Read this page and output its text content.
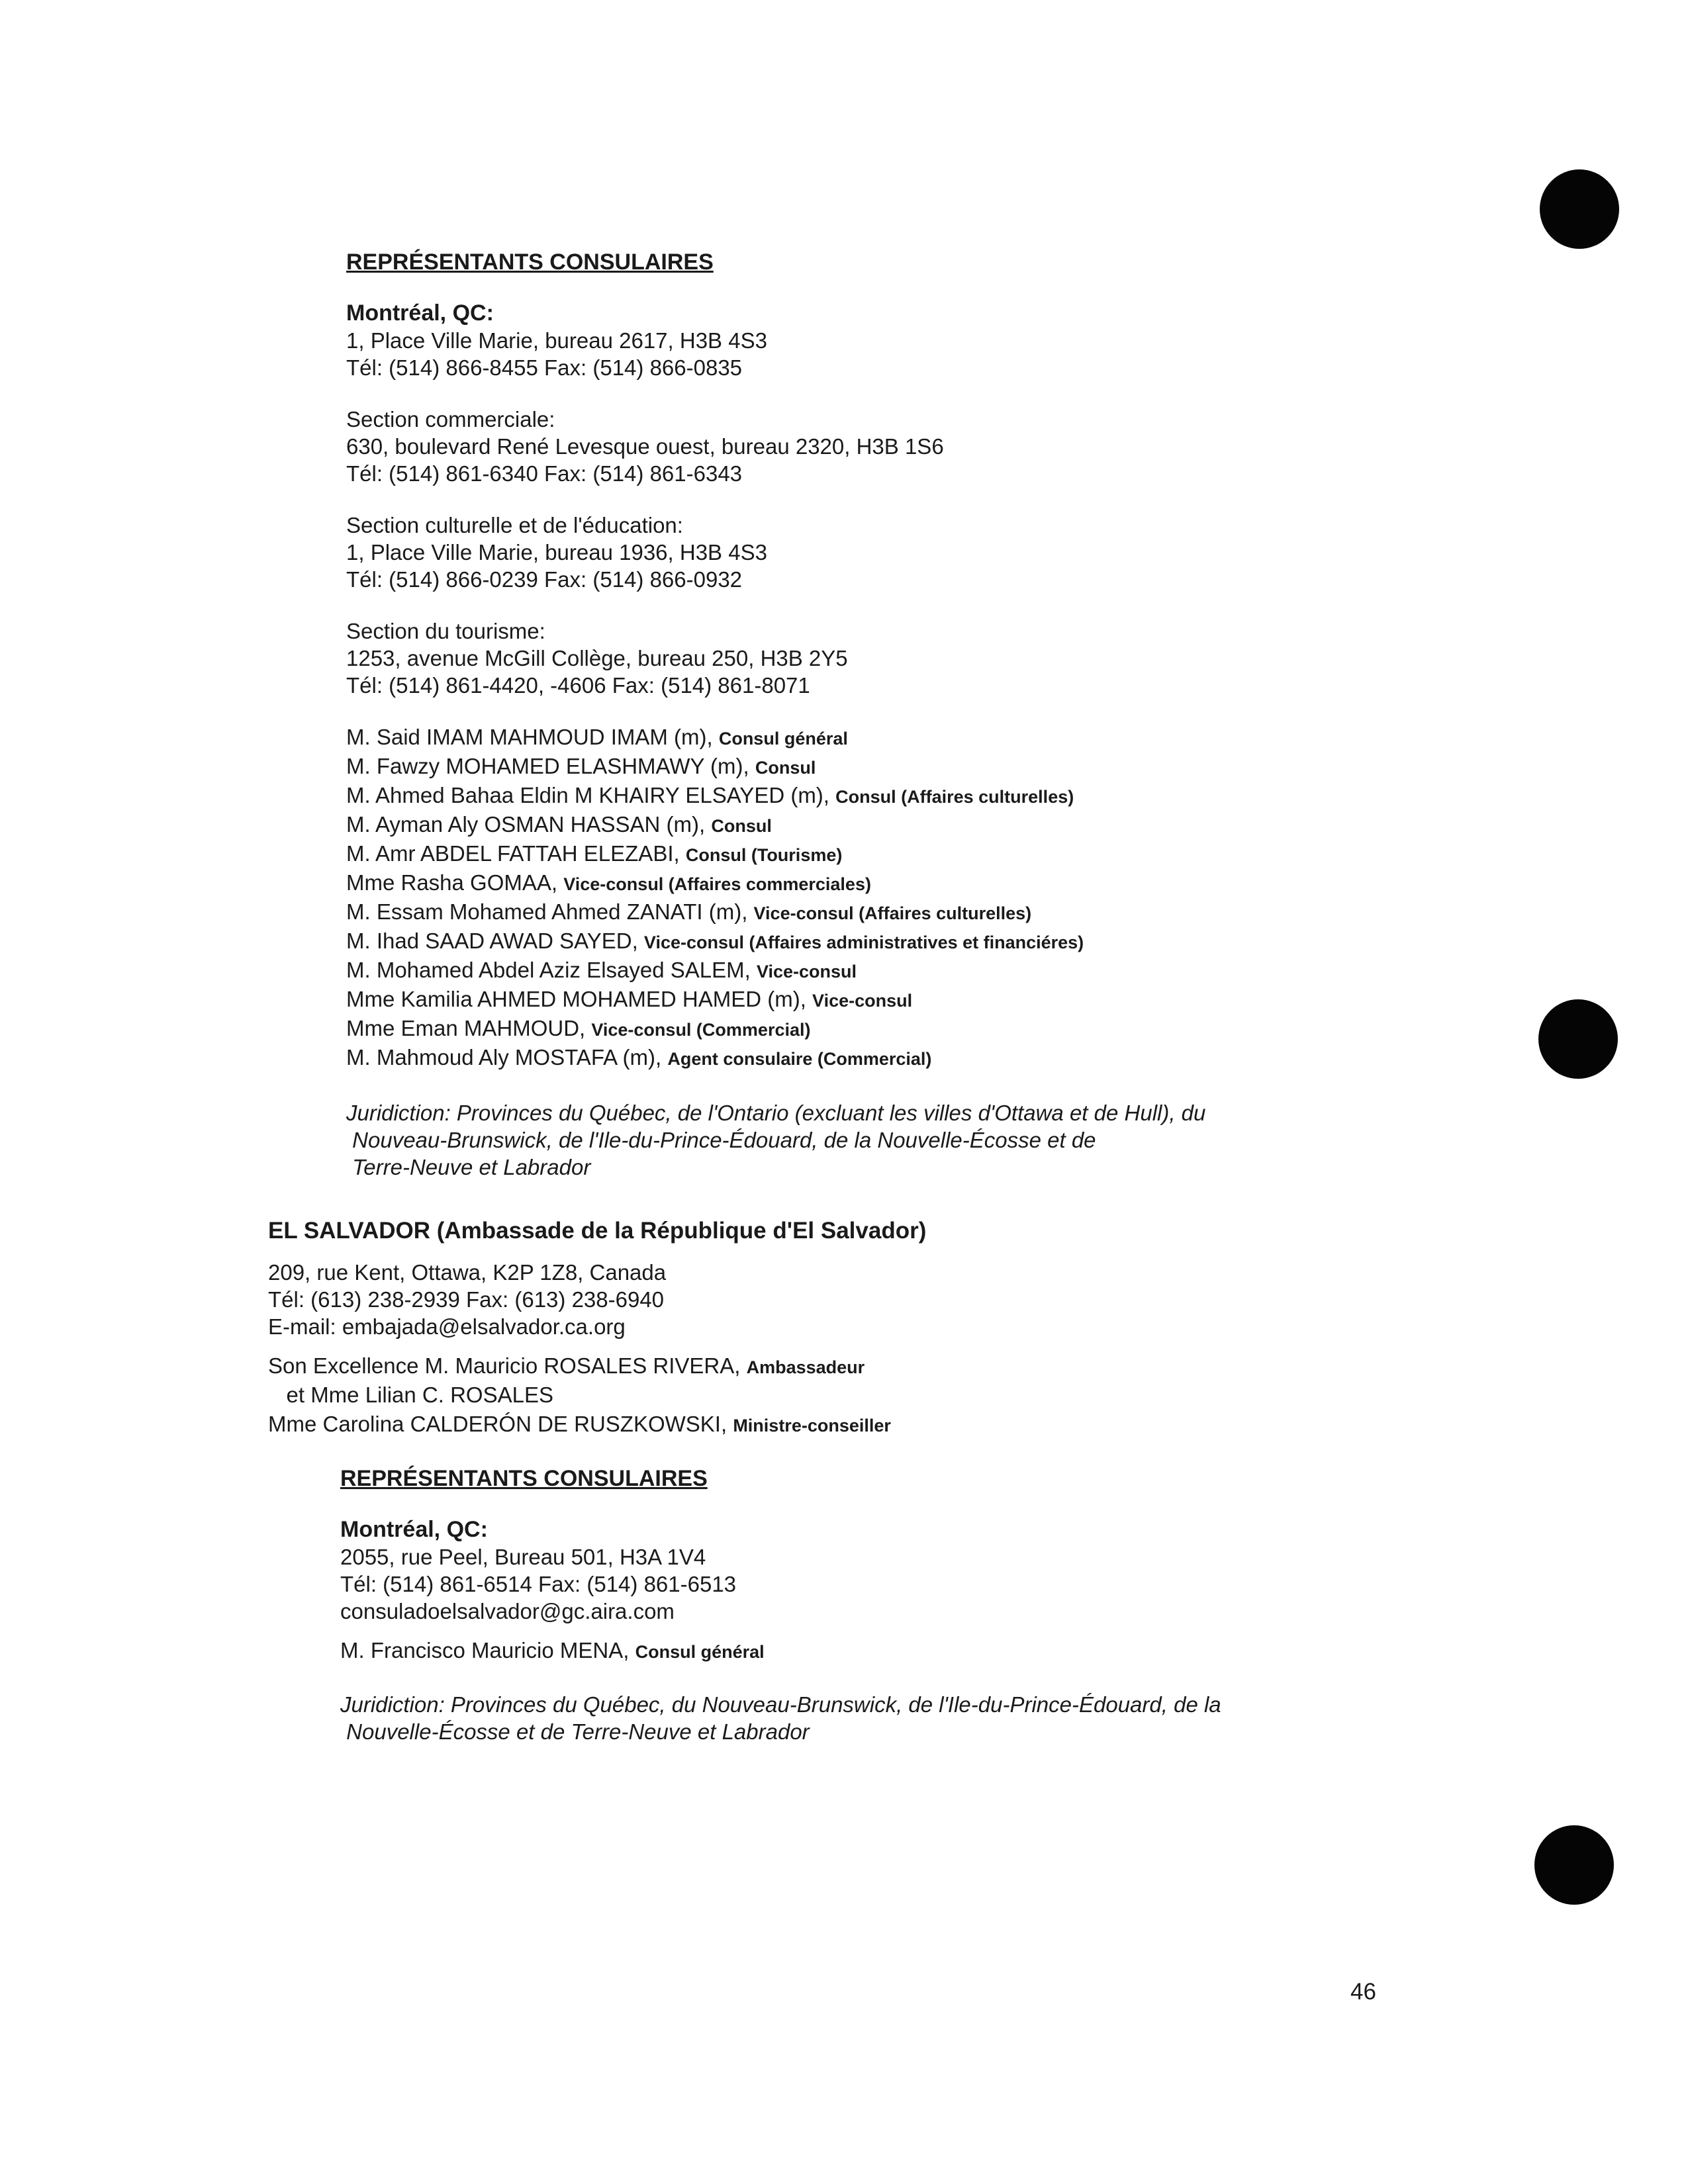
REPRÉSENTANTS CONSULAIRES
Montréal, QC:
1, Place Ville Marie, bureau 2617, H3B 4S3
Tél: (514) 866-8455 Fax: (514) 866-0835
Section commerciale:
630, boulevard René Levesque ouest, bureau 2320, H3B 1S6
Tél: (514) 861-6340 Fax: (514) 861-6343
Section culturelle et de l'éducation:
1, Place Ville Marie, bureau 1936, H3B 4S3
Tél: (514) 866-0239 Fax: (514) 866-0932
Section du tourisme:
1253, avenue McGill Collège, bureau 250, H3B 2Y5
Tél: (514) 861-4420, -4606 Fax: (514) 861-8071
M. Said IMAM MAHMOUD IMAM (m), Consul général
M. Fawzy MOHAMED ELASHMAWY (m), Consul
M. Ahmed Bahaa Eldin M KHAIRY ELSAYED (m), Consul (Affaires culturelles)
M. Ayman Aly OSMAN HASSAN (m), Consul
M. Amr ABDEL FATTAH ELEZABI, Consul (Tourisme)
Mme Rasha GOMAA, Vice-consul (Affaires commerciales)
M. Essam Mohamed Ahmed ZANATI (m), Vice-consul (Affaires culturelles)
M. Ihad SAAD AWAD SAYED, Vice-consul (Affaires administratives et financiéres)
M. Mohamed Abdel Aziz Elsayed SALEM, Vice-consul
Mme Kamilia AHMED MOHAMED HAMED (m), Vice-consul
Mme Eman MAHMOUD, Vice-consul (Commercial)
M. Mahmoud Aly MOSTAFA (m), Agent consulaire (Commercial)
Juridiction: Provinces du Québec, de l'Ontario (excluant les villes d'Ottawa et de Hull), du
Nouveau-Brunswick, de l'Ile-du-Prince-Édouard, de la Nouvelle-Écosse et de
Terre-Neuve et Labrador
EL SALVADOR (Ambassade de la République d'El Salvador)
209, rue Kent, Ottawa, K2P 1Z8, Canada
Tél: (613) 238-2939 Fax: (613) 238-6940
E-mail: embajada@elsalvador.ca.org
Son Excellence M. Mauricio ROSALES RIVERA, Ambassadeur
et Mme Lilian C. ROSALES
Mme Carolina CALDERÓN DE RUSZKOWSKI, Ministre-conseiller
REPRÉSENTANTS CONSULAIRES
Montréal, QC:
2055, rue Peel, Bureau 501, H3A 1V4
Tél: (514) 861-6514 Fax: (514) 861-6513
consuladoelsalvador@gc.aira.com
M. Francisco Mauricio MENA, Consul général
Juridiction: Provinces du Québec, du Nouveau-Brunswick, de l'Ile-du-Prince-Édouard, de la
Nouvelle-Écosse et de Terre-Neuve et Labrador
46
